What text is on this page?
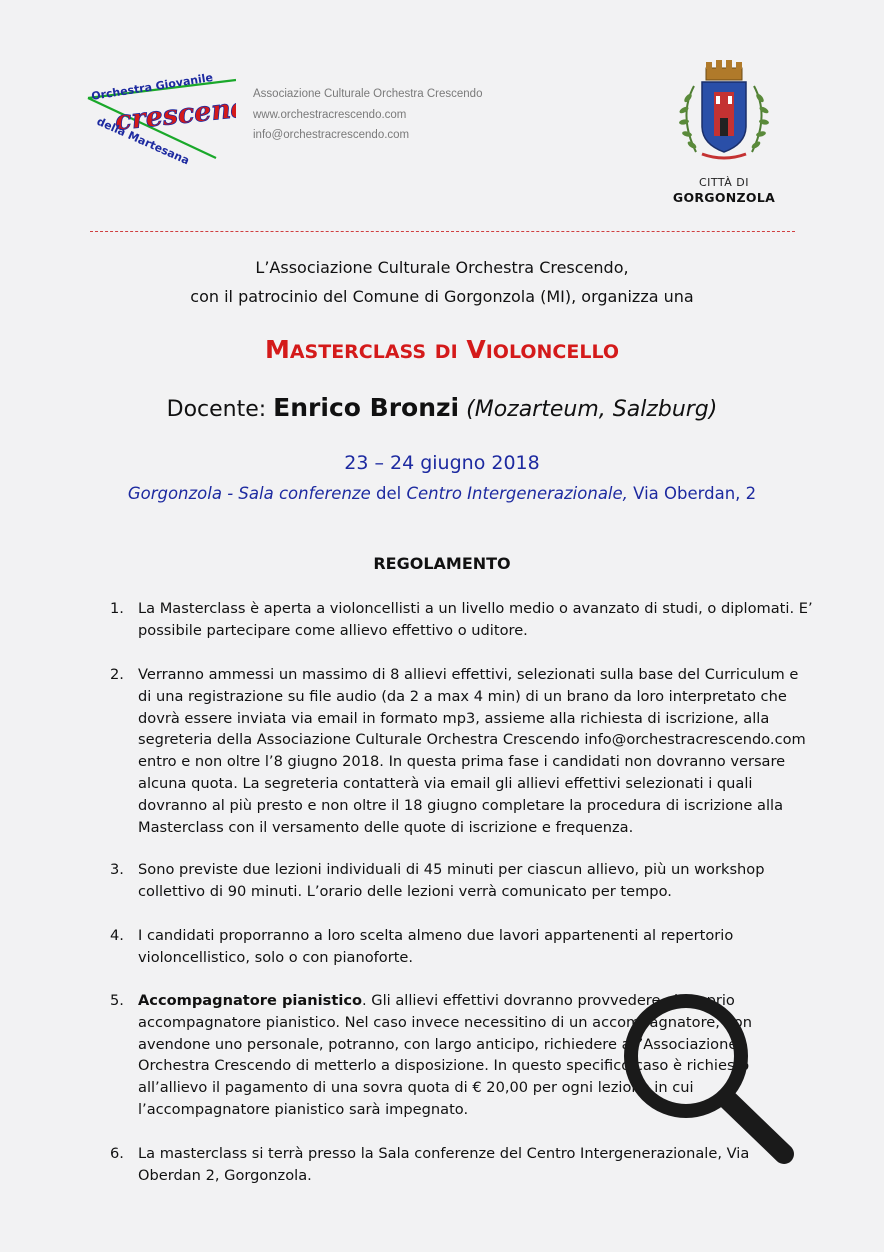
Orchestra Giovanile
crescendo
della Martesana
Associazione Culturale Orchestra Crescendo
www.orchestracrescendo.com
info@orchestracrescendo.com
CITTÀ DI
GORGONZOLA
L’Associazione Culturale Orchestra Crescendo,
con il patrocinio del Comune di Gorgonzola (MI), organizza una
MASTERCLASS DI VIOLONCELLO
Docente: Enrico Bronzi (Mozarteum, Salzburg)
23 – 24 giugno 2018
Gorgonzola - Sala conferenze del Centro Intergenerazionale, Via Oberdan, 2
REGOLAMENTO
1. La Masterclass è aperta a violoncellisti a un livello medio o avanzato di studi, o diplomati. E’
possibile partecipare come allievo effettivo o uditore.
2. Verranno ammessi un massimo di 8 allievi effettivi, selezionati sulla base del Curriculum e
di una registrazione su file audio (da 2 a max 4 min) di un brano da loro interpretato che
dovrà essere inviata via email in formato mp3, assieme alla richiesta di iscrizione, alla
segreteria della Associazione Culturale Orchestra Crescendo info@orchestracrescendo.com
entro e non oltre l’8 giugno 2018. In questa prima fase i candidati non dovranno versare
alcuna quota. La segreteria contatterà via email gli allievi effettivi selezionati i quali
dovranno al più presto e non oltre il 18 giugno completare la procedura di iscrizione alla
Masterclass con il versamento delle quote di iscrizione e frequenza.
3. Sono previste due lezioni individuali di 45 minuti per ciascun allievo, più un workshop
collettivo di 90 minuti. L’orario delle lezioni verrà comunicato per tempo.
4. I candidati proporranno a loro scelta almeno due lavori appartenenti al repertorio
violoncellistico, solo o con pianoforte.
5. Accompagnatore pianistico. Gli allievi effettivi dovranno provvedere al proprio
accompagnatore pianistico. Nel caso invece necessitino di un accompagnatore, non
avendone uno personale, potranno, con largo anticipo, richiedere all’Associazione
Orchestra Crescendo di metterlo a disposizione. In questo specifico caso è richiesto
all’allievo il pagamento di una sovra quota di € 20,00 per ogni lezione in cui
l’accompagnatore pianistico sarà impegnato.
6. La masterclass si terrà presso la Sala conferenze del Centro Intergenerazionale, Via
Oberdan 2, Gorgonzola.
